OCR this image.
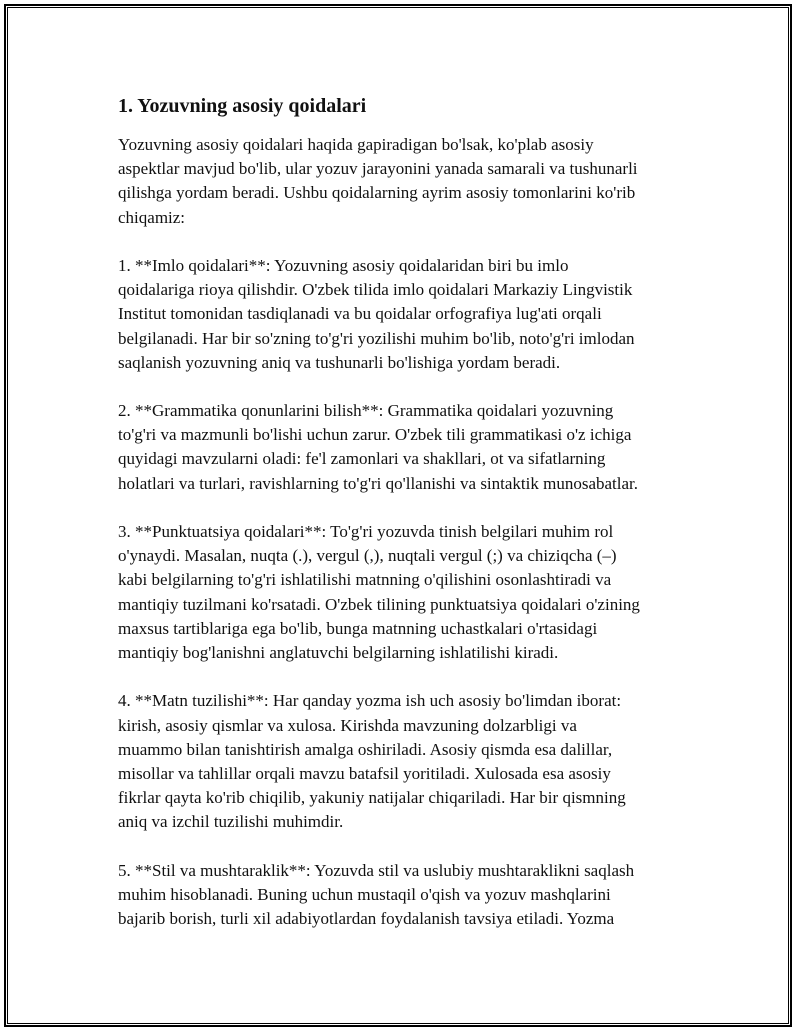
1. Yozuvning asosiy qoidalari
Yozuvning asosiy qoidalari haqida gapiradigan bo'lsak, ko'plab asosiy
aspektlar mavjud bo'lib, ular yozuv jarayonini yanada samarali va tushunarli
qilishga yordam beradi. Ushbu qoidalarning ayrim asosiy tomonlarini ko'rib
chiqamiz:
1. **Imlo qoidalari**: Yozuvning asosiy qoidalaridan biri bu imlo
qoidalariga rioya qilishdir. O'zbek tilida imlo qoidalari Markaziy Lingvistik
Institut tomonidan tasdiqlanadi va bu qoidalar orfografiya lug'ati orqali
belgilanadi. Har bir so'zning to'g'ri yozilishi muhim bo'lib, noto'g'ri imlodan
saqlanish yozuvning aniq va tushunarli bo'lishiga yordam beradi.
2. **Grammatika qonunlarini bilish**: Grammatika qoidalari yozuvning
to'g'ri va mazmunli bo'lishi uchun zarur. O'zbek tili grammatikasi o'z ichiga
quyidagi mavzularni oladi: fe'l zamonlari va shakllari, ot va sifatlarning
holatlari va turlari, ravishlarning to'g'ri qo'llanishi va sintaktik munosabatlar.
3. **Punktuatsiya qoidalari**: To'g'ri yozuvda tinish belgilari muhim rol
o'ynaydi. Masalan, nuqta (.), vergul (,), nuqtali vergul (;) va chiziqcha (–)
kabi belgilarning to'g'ri ishlatilishi matnning o'qilishini osonlashtiradi va
mantiqiy tuzilmani ko'rsatadi. O'zbek tilining punktuatsiya qoidalari o'zining
maxsus tartiblariga ega bo'lib, bunga matnning uchastkalari o'rtasidagi
mantiqiy bog'lanishni anglatuvchi belgilarning ishlatilishi kiradi.
4. **Matn tuzilishi**: Har qanday yozma ish uch asosiy bo'limdan iborat:
kirish, asosiy qismlar va xulosa. Kirishda mavzuning dolzarbligi va
muammo bilan tanishtirish amalga oshiriladi. Asosiy qismda esa dalillar,
misollar va tahlillar orqali mavzu batafsil yoritiladi. Xulosada esa asosiy
fikrlar qayta ko'rib chiqilib, yakuniy natijalar chiqariladi. Har bir qismning
aniq va izchil tuzilishi muhimdir.
5. **Stil va mushtaraklik**: Yozuvda stil va uslubiy mushtaraklikni saqlash
muhim hisoblanadi. Buning uchun mustaqil o'qish va yozuv mashqlarini
bajarib borish, turli xil adabiyotlardan foydalanish tavsiya etiladi. Yozma
